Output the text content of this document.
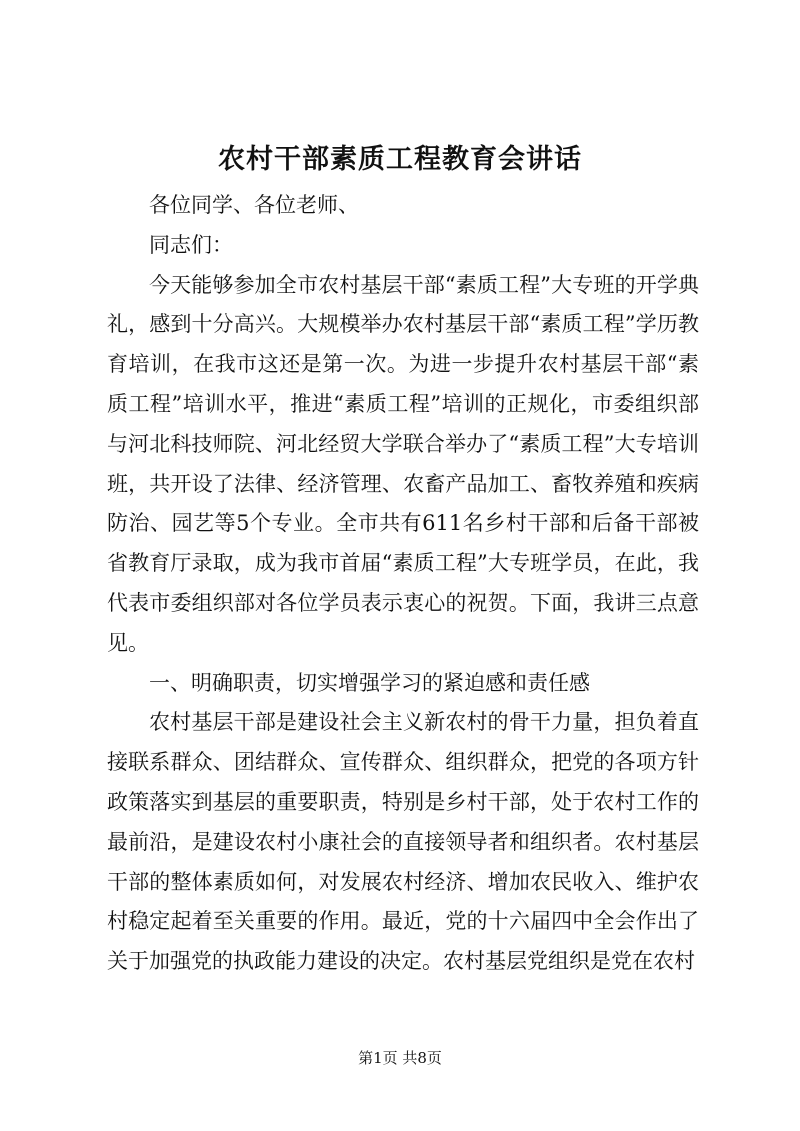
农村干部素质工程教育会讲话

各位同学、各位老师、

同志们：

今天能够参加全市农村基层干部“素质工程”大专班的开学典礼，感到十分高兴。大规模举办农村基层干部“素质工程”学历教育培训，在我市这还是第一次。为进一步提升农村基层干部“素质工程”培训水平，推进“素质工程”培训的正规化，市委组织部与河北科技师院、河北经贸大学联合举办了“素质工程”大专培训班，共开设了法律、经济管理、农畜产品加工、畜牧养殖和疾病防治、园艺等5个专业。全市共有611名乡村干部和后备干部被省教育厅录取，成为我市首届“素质工程”大专班学员，在此，我代表市委组织部对各位学员表示衷心的祝贺。下面，我讲三点意见。

一、明确职责，切实增强学习的紧迫感和责任感

农村基层干部是建设社会主义新农村的骨干力量，担负着直接联系群众、团结群众、宣传群众、组织群众，把党的各项方针政策落实到基层的重要职责，特别是乡村干部，处于农村工作的最前沿，是建设农村小康社会的直接领导者和组织者。农村基层干部的整体素质如何，对发展农村经济、增加农民收入、维护农村稳定起着至关重要的作用。最近，党的十六届四中全会作出了关于加强党的执政能力建设的决定。农村基层党组织是党在农村

第1页 共8页
